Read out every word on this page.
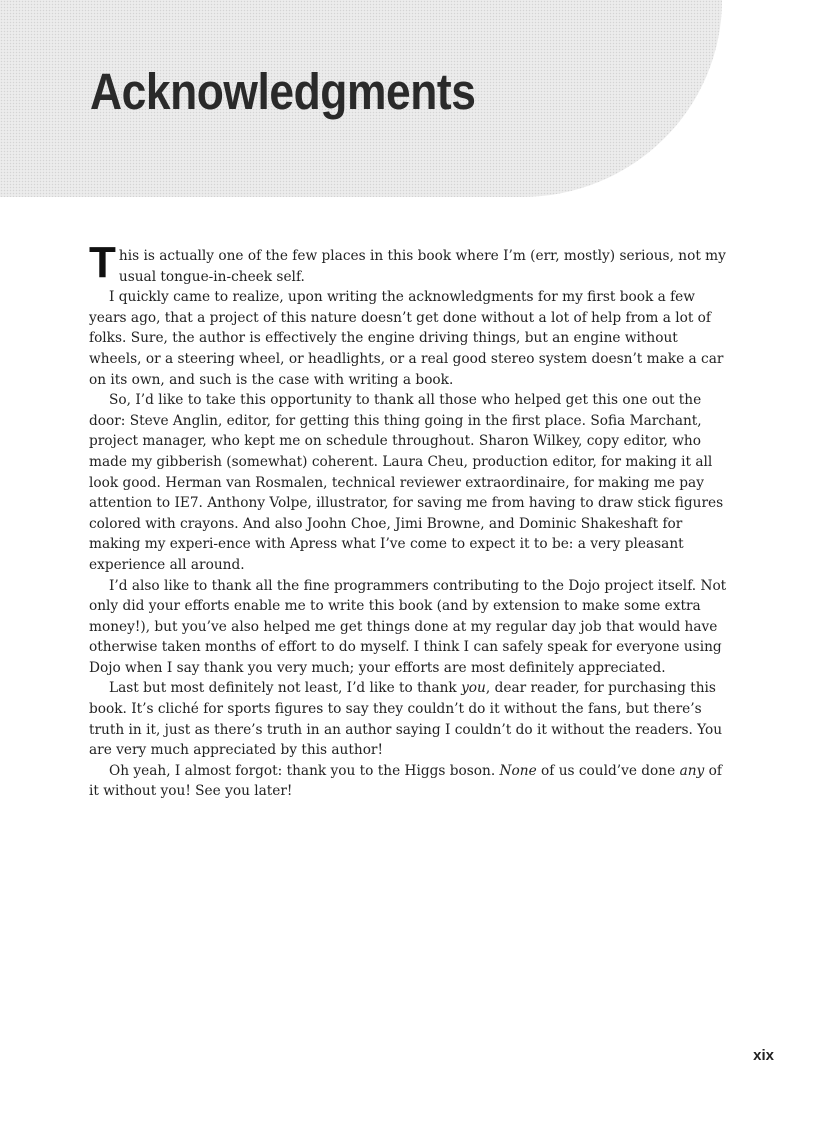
Acknowledgments

This is actually one of the few places in this book where I’m (err, mostly) serious, not my usual tongue-in-cheek self.

I quickly came to realize, upon writing the acknowledgments for my first book a few years ago, that a project of this nature doesn’t get done without a lot of help from a lot of folks. Sure, the author is effectively the engine driving things, but an engine without wheels, or a steering wheel, or headlights, or a real good stereo system doesn’t make a car on its own, and such is the case with writing a book.

So, I’d like to take this opportunity to thank all those who helped get this one out the door: Steve Anglin, editor, for getting this thing going in the first place. Sofia Marchant, project manager, who kept me on schedule throughout. Sharon Wilkey, copy editor, who made my gibberish (somewhat) coherent. Laura Cheu, production editor, for making it all look good. Herman van Rosmalen, technical reviewer extraordinaire, for making me pay attention to IE7. Anthony Volpe, illustrator, for saving me from having to draw stick figures colored with crayons. And also Joohn Choe, Jimi Browne, and Dominic Shakeshaft for making my experi-ence with Apress what I’ve come to expect it to be: a very pleasant experience all around.

I’d also like to thank all the fine programmers contributing to the Dojo project itself. Not only did your efforts enable me to write this book (and by extension to make some extra money!), but you’ve also helped me get things done at my regular day job that would have otherwise taken months of effort to do myself. I think I can safely speak for everyone using Dojo when I say thank you very much; your efforts are most definitely appreciated.

Last but most definitely not least, I’d like to thank you, dear reader, for purchasing this book. It’s cliché for sports figures to say they couldn’t do it without the fans, but there’s truth in it, just as there’s truth in an author saying I couldn’t do it without the readers. You are very much appreciated by this author!

Oh yeah, I almost forgot: thank you to the Higgs boson. None of us could’ve done any of it without you! See you later!

xix
